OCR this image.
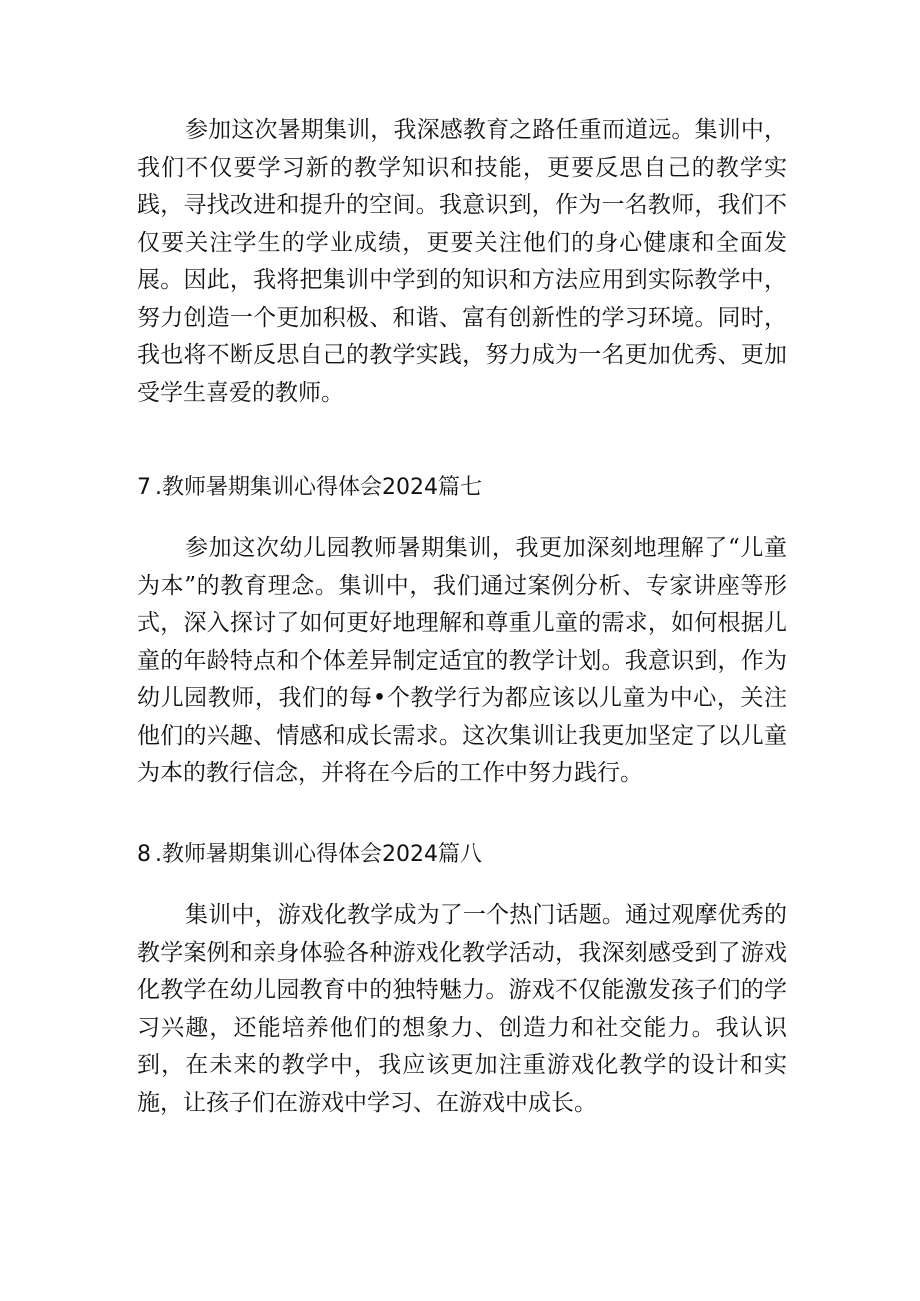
参加这次暑期集训，我深感教育之路任重而道远。集训中，我们不仅要学习新的教学知识和技能，更要反思自己的教学实践，寻找改进和提升的空间。我意识到，作为一名教师，我们不仅要关注学生的学业成绩，更要关注他们的身心健康和全面发展。因此，我将把集训中学到的知识和方法应用到实际教学中，努力创造一个更加积极、和谐、富有创新性的学习环境。同时，我也将不断反思自己的教学实践，努力成为一名更加优秀、更加受学生喜爱的教师。

7 .教师暑期集训心得体会2024篇七

参加这次幼儿园教师暑期集训，我更加深刻地理解了“儿童为本”的教育理念。集训中，我们通过案例分析、专家讲座等形式，深入探讨了如何更好地理解和尊重儿童的需求，如何根据儿童的年龄特点和个体差异制定适宜的教学计划。我意识到，作为幼儿园教师，我们的每•个教学行为都应该以儿童为中心，关注他们的兴趣、情感和成长需求。这次集训让我更加坚定了以儿童为本的教行信念，并将在今后的工作中努力践行。

8 .教师暑期集训心得体会2024篇八

集训中，游戏化教学成为了一个热门话题。通过观摩优秀的教学案例和亲身体验各种游戏化教学活动，我深刻感受到了游戏化教学在幼儿园教育中的独特魅力。游戏不仅能激发孩子们的学习兴趣，还能培养他们的想象力、创造力和社交能力。我认识到，在未来的教学中，我应该更加注重游戏化教学的设计和实施，让孩子们在游戏中学习、在游戏中成长。
